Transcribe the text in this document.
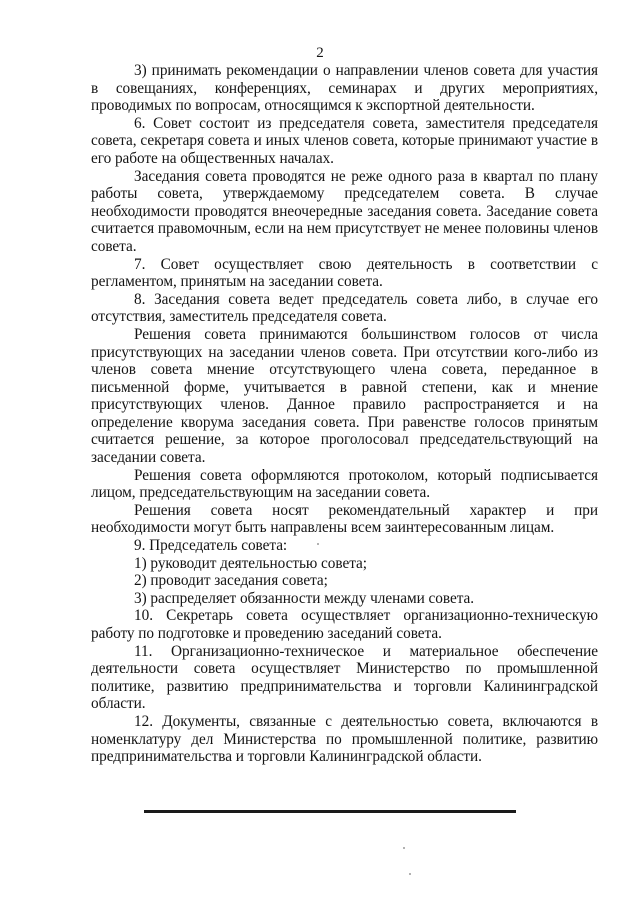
2

3) принимать рекомендации о направлении членов совета для участия в совещаниях, конференциях, семинарах и других мероприятиях, проводимых по вопросам, относящимся к экспортной деятельности.

6. Совет состоит из председателя совета, заместителя председателя совета, секретаря совета и иных членов совета, которые принимают участие в его работе на общественных началах.

Заседания совета проводятся не реже одного раза в квартал по плану работы совета, утверждаемому председателем совета. В случае необходимости проводятся внеочередные заседания совета. Заседание совета считается правомочным, если на нем присутствует не менее половины членов совета.

7. Совет осуществляет свою деятельность в соответствии с регламентом, принятым на заседании совета.

8. Заседания совета ведет председатель совета либо, в случае его отсутствия, заместитель председателя совета.

Решения совета принимаются большинством голосов от числа присутствующих на заседании членов совета. При отсутствии кого-либо из членов совета мнение отсутствующего члена совета, переданное в письменной форме, учитывается в равной степени, как и мнение присутствующих членов. Данное правило распространяется и на определение кворума заседания совета. При равенстве голосов принятым считается решение, за которое проголосовал председательствующий на заседании совета.

Решения совета оформляются протоколом, который подписывается лицом, председательствующим на заседании совета.

Решения совета носят рекомендательный характер и при необходимости могут быть направлены всем заинтересованным лицам.

9. Председатель совета:

1) руководит деятельностью совета;

2) проводит заседания совета;

3) распределяет обязанности между членами совета.

10. Секретарь совета осуществляет организационно-техническую работу по подготовке и проведению заседаний совета.

11. Организационно-техническое и материальное обеспечение деятельности совета осуществляет Министерство по промышленной политике, развитию предпринимательства и торговли Калининградской области.

12. Документы, связанные с деятельностью совета, включаются в номенклатуру дел Министерства по промышленной политике, развитию предпринимательства и торговли Калининградской области.
